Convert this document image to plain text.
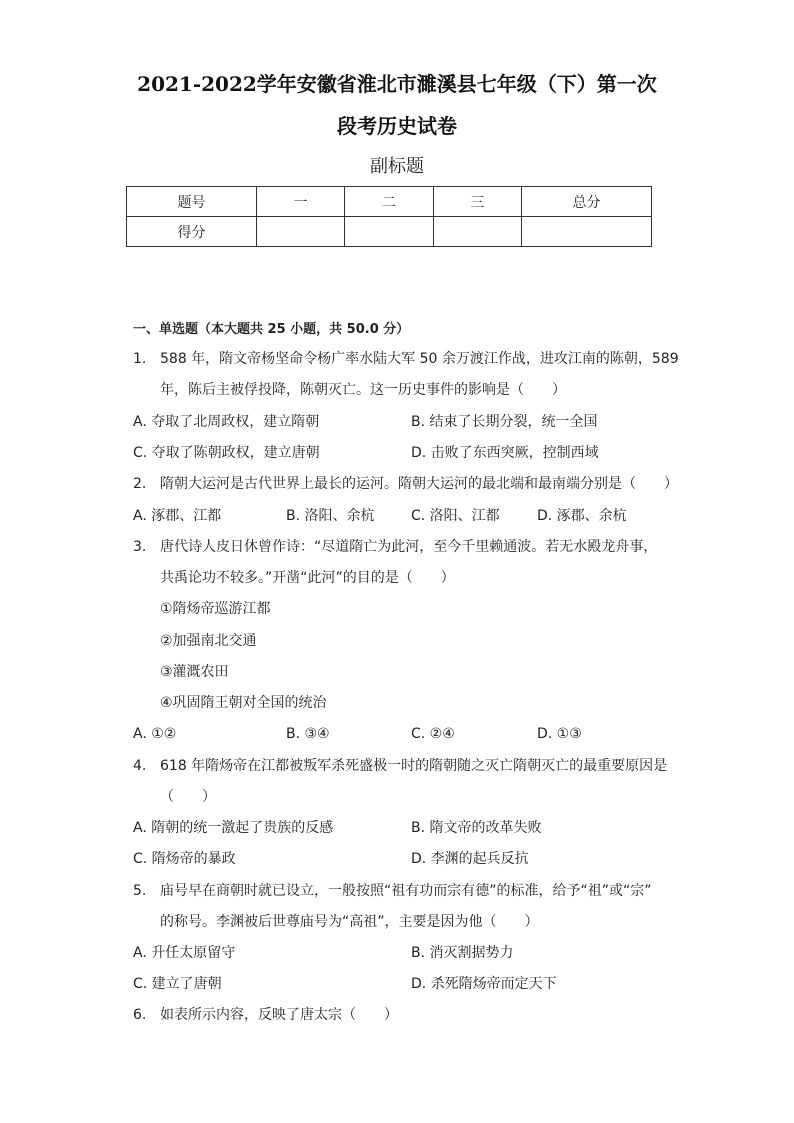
2021-2022学年安徽省淮北市濉溪县七年级（下）第一次
段考历史试卷
副标题
题号	一	二	三	总分
得分				
一、单选题（本大题共 25 小题，共 50.0 分）
1. 588 年，隋文帝杨坚命令杨广率水陆大军 50 余万渡江作战，进攻江南的陈朝，589
年，陈后主被俘投降，陈朝灭亡。这一历史事件的影响是（　　）
A. 夺取了北周政权，建立隋朝	B. 结束了长期分裂，统一全国
C. 夺取了陈朝政权，建立唐朝	D. 击败了东西突厥，控制西域
2. 隋朝大运河是古代世界上最长的运河。隋朝大运河的最北端和最南端分别是（　　）
A. 涿郡、江都	B. 洛阳、余杭	C. 洛阳、江都	D. 涿郡、余杭
3. 唐代诗人皮日休曾作诗：“尽道隋亡为此河，至今千里赖通波。若无水殿龙舟事，
共禹论功不较多。”开凿“此河”的目的是（　　）
①隋炀帝巡游江都
②加强南北交通
③灌溉农田
④巩固隋王朝对全国的统治
A. ①②	B. ③④	C. ②④	D. ①③
4. 618 年隋炀帝在江都被叛军杀死盛极一时的隋朝随之灭亡隋朝灭亡的最重要原因是
（　　）
A. 隋朝的统一激起了贵族的反感	B. 隋文帝的改革失败
C. 隋炀帝的暴政	D. 李渊的起兵反抗
5. 庙号早在商朝时就已设立，一般按照“祖有功而宗有德”的标准，给予“祖”或“宗”
的称号。李渊被后世尊庙号为“高祖”，主要是因为他（　　）
A. 升任太原留守	B. 消灭割据势力
C. 建立了唐朝	D. 杀死隋炀帝而定天下
6. 如表所示内容，反映了唐太宗（　　）
